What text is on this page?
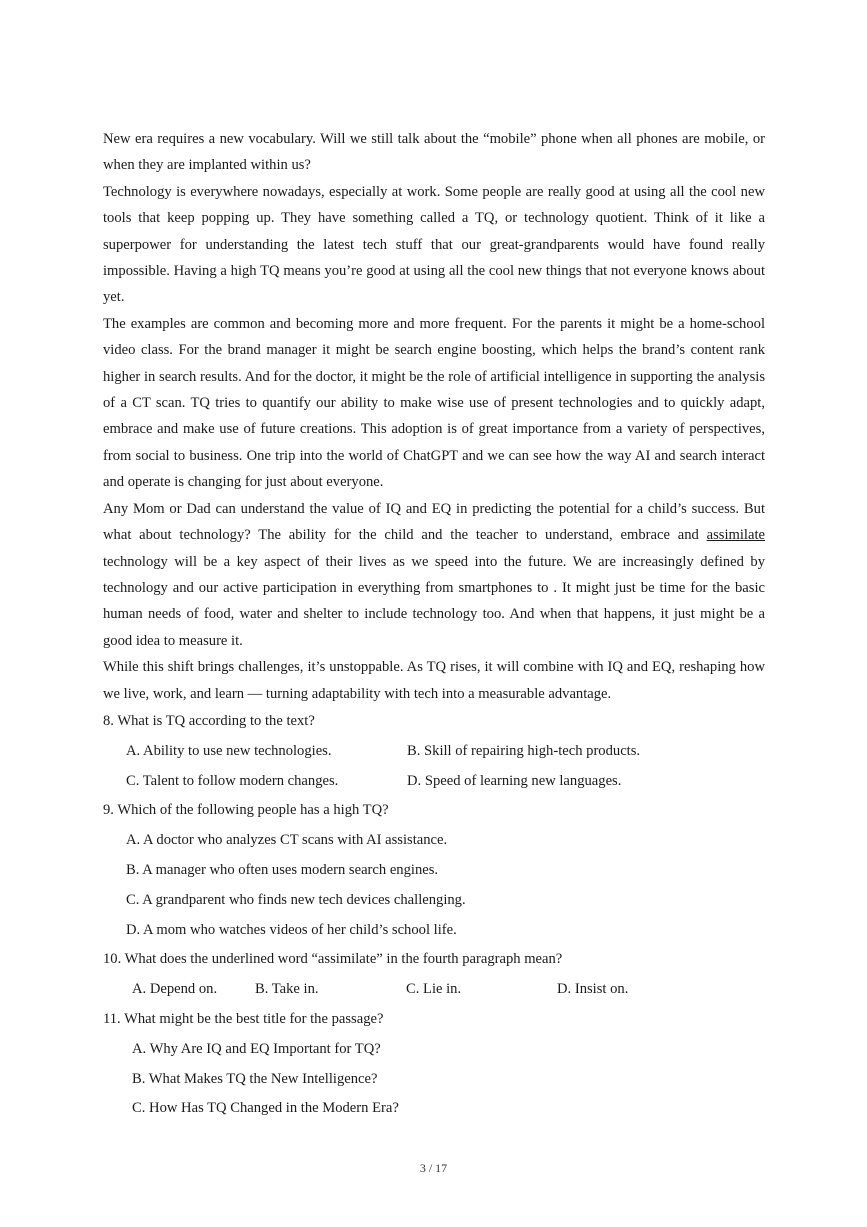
New era requires a new vocabulary. Will we still talk about the “mobile” phone when all phones are mobile, or when they are implanted within us?

Technology is everywhere nowadays, especially at work. Some people are really good at using all the cool new tools that keep popping up. They have something called a TQ, or technology quotient. Think of it like a superpower for understanding the latest tech stuff that our great-grandparents would have found really impossible. Having a high TQ means you’re good at using all the cool new things that not everyone knows about yet.

The examples are common and becoming more and more frequent. For the parents it might be a home-school video class. For the brand manager it might be search engine boosting, which helps the brand’s content rank higher in search results. And for the doctor, it might be the role of artificial intelligence in supporting the analysis of a CT scan. TQ tries to quantify our ability to make wise use of present technologies and to quickly adapt, embrace and make use of future creations. This adoption is of great importance from a variety of perspectives, from social to business. One trip into the world of ChatGPT and we can see how the way AI and search interact and operate is changing for just about everyone.

Any Mom or Dad can understand the value of IQ and EQ in predicting the potential for a child’s success. But what about technology? The ability for the child and the teacher to understand, embrace and assimilate technology will be a key aspect of their lives as we speed into the future. We are increasingly defined by technology and our active participation in everything from smartphones to . It might just be time for the basic human needs of food, water and shelter to include technology too. And when that happens, it just might be a good idea to measure it.

While this shift brings challenges, it’s unstoppable. As TQ rises, it will combine with IQ and EQ, reshaping how we live, work, and learn — turning adaptability with tech into a measurable advantage.

8. What is TQ according to the text?

A. Ability to use new technologies.	B. Skill of repairing high-tech products.
C. Talent to follow modern changes.	D. Speed of learning new languages.

9. Which of the following people has a high TQ?

A. A doctor who analyzes CT scans with AI assistance.
B. A manager who often uses modern search engines.
C. A grandparent who finds new tech devices challenging.
D. A mom who watches videos of her child’s school life.

10. What does the underlined word “assimilate” in the fourth paragraph mean?

A. Depend on.	B. Take in.	C. Lie in.	D. Insist on.

11. What might be the best title for the passage?

A. Why Are IQ and EQ Important for TQ?
B. What Makes TQ the New Intelligence?
C. How Has TQ Changed in the Modern Era?
3 / 17
